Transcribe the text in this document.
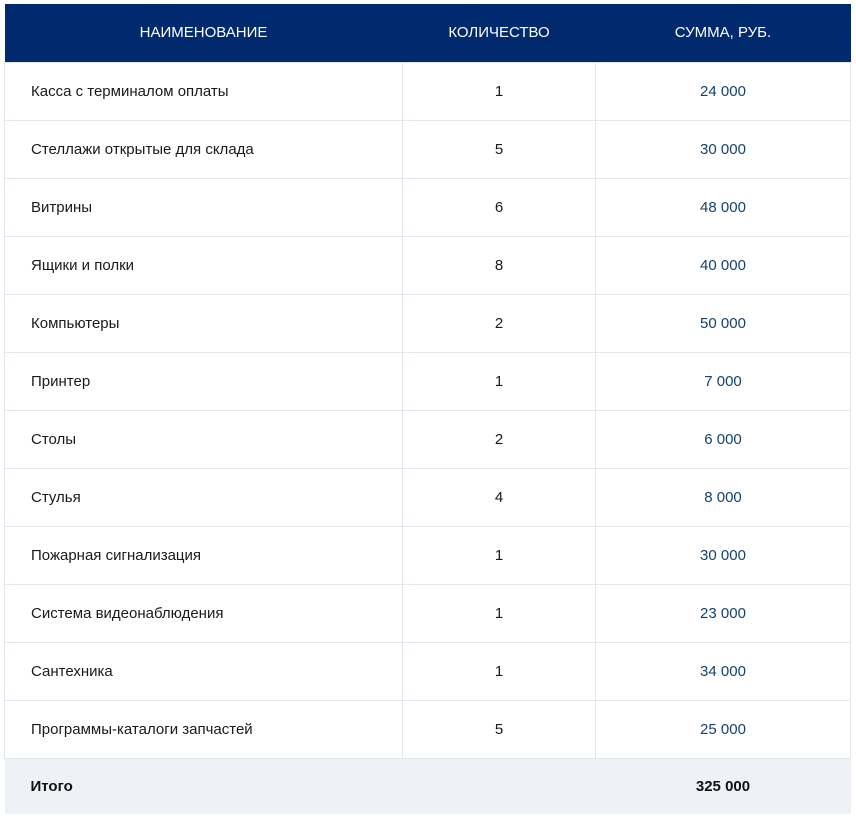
НАИМЕНОВАНИЕ	КОЛИЧЕСТВО	СУММА, РУБ.
Касса с терминалом оплаты	1	24 000
Стеллажи открытые для склада	5	30 000
Витрины	6	48 000
Ящики и полки	8	40 000
Компьютеры	2	50 000
Принтер	1	7 000
Столы	2	6 000
Стулья	4	8 000
Пожарная сигнализация	1	30 000
Система видеонаблюдения	1	23 000
Сантехника	1	34 000
Программы-каталоги запчастей	5	25 000
Итого		325 000
